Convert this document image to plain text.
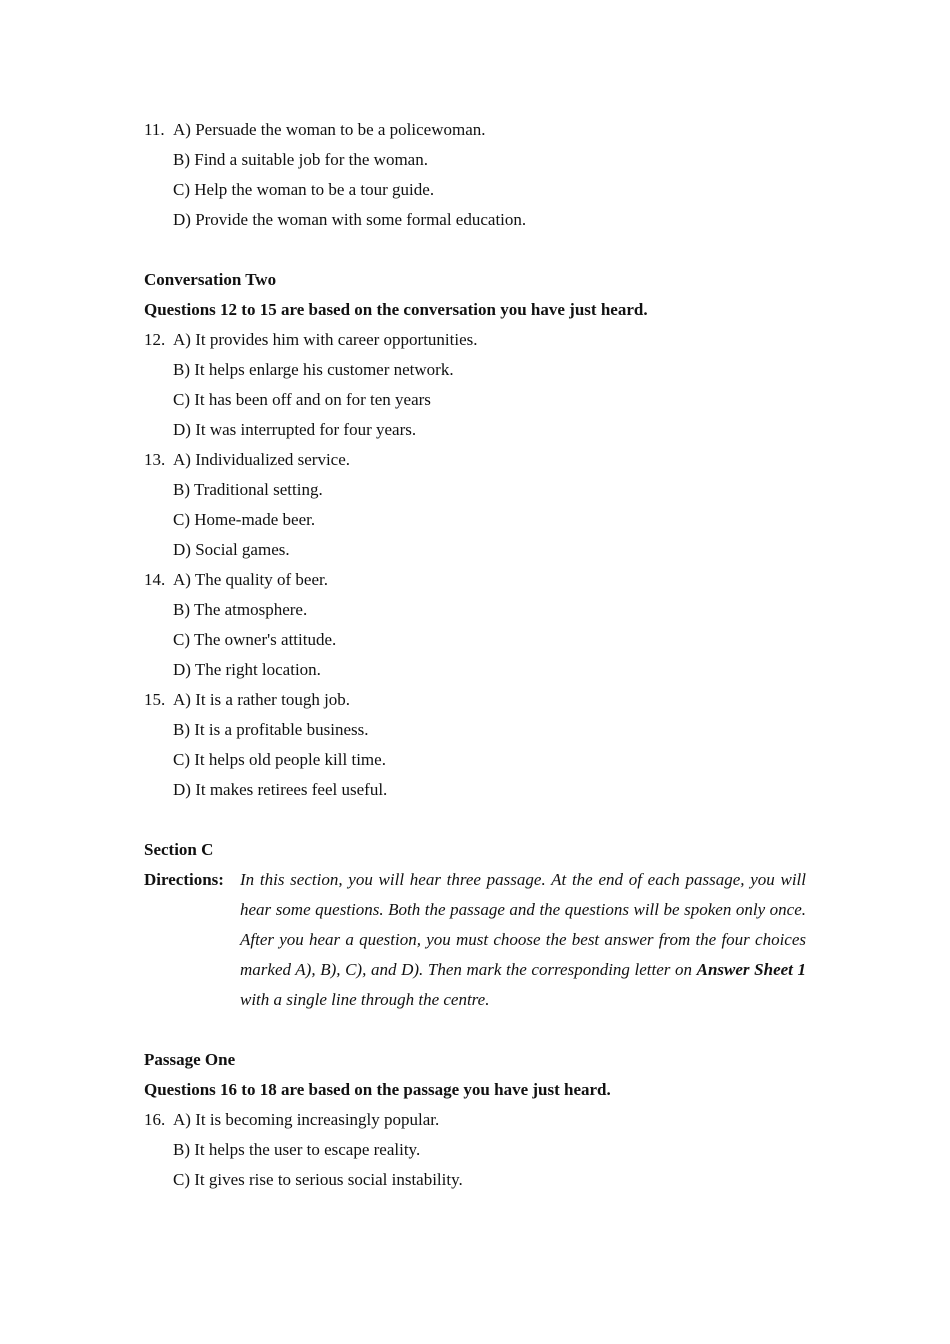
11. A) Persuade the woman to be a policewoman.
B) Find a suitable job for the woman.
C) Help the woman to be a tour guide.
D) Provide the woman with some formal education.
Conversation Two
Questions 12 to 15 are based on the conversation you have just heard.
12. A) It provides him with career opportunities.
B) It helps enlarge his customer network.
C) It has been off and on for ten years
D) It was interrupted for four years.
13. A) Individualized service.
B) Traditional setting.
C) Home-made beer.
D) Social games.
14. A) The quality of beer.
B) The atmosphere.
C) The owner's attitude.
D) The right location.
15. A) It is a rather tough job.
B) It is a profitable business.
C) It helps old people kill time.
D) It makes retirees feel useful.
Section C
Directions: In this section, you will hear three passage. At the end of each passage, you will hear some questions. Both the passage and the questions will be spoken only once. After you hear a question, you must choose the best answer from the four choices marked A), B), C), and D). Then mark the corresponding letter on Answer Sheet 1 with a single line through the centre.
Passage One
Questions 16 to 18 are based on the passage you have just heard.
16. A) It is becoming increasingly popular.
B) It helps the user to escape reality.
C) It gives rise to serious social instability.
